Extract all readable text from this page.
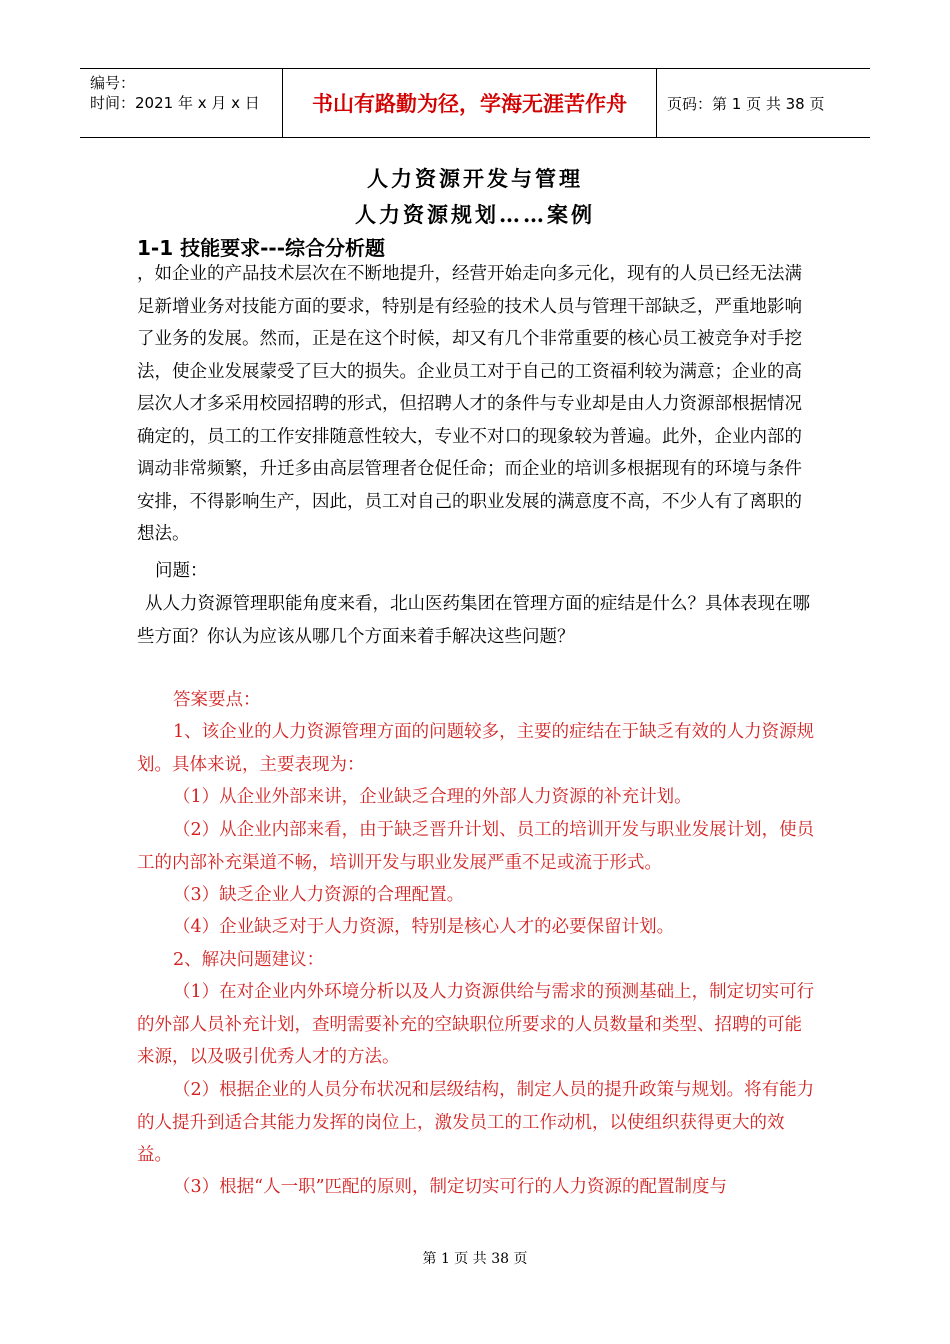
编号：
时间：2021 年 x 月 x 日	书山有路勤为径，学海无涯苦作舟	页码：第 1 页 共 38 页
人力资源开发与管理
人力资源规划……案例
1-1 技能要求---综合分析题
，如企业的产品技术层次在不断地提升，经营开始走向多元化，现有的人员已经无法满足新增业务对技能方面的要求，特别是有经验的技术人员与管理干部缺乏，严重地影响了业务的发展。然而，正是在这个时候，却又有几个非常重要的核心员工被竞争对手挖法，使企业发展蒙受了巨大的损失。企业员工对于自己的工资福利较为满意；企业的高层次人才多采用校园招聘的形式，但招聘人才的条件与专业却是由人力资源部根据情况确定的，员工的工作安排随意性较大，专业不对口的现象较为普遍。此外，企业内部的调动非常频繁，升迁多由高层管理者仓促任命；而企业的培训多根据现有的环境与条件安排，不得影响生产，因此，员工对自己的职业发展的满意度不高，不少人有了离职的想法。
问题：
从人力资源管理职能角度来看，北山医药集团在管理方面的症结是什么？具体表现在哪些方面？你认为应该从哪几个方面来着手解决这些问题？
答案要点：
1、该企业的人力资源管理方面的问题较多，主要的症结在于缺乏有效的人力资源规划。具体来说，主要表现为：
（1）从企业外部来讲，企业缺乏合理的外部人力资源的补充计划。
（2）从企业内部来看，由于缺乏晋升计划、员工的培训开发与职业发展计划，使员工的内部补充渠道不畅，培训开发与职业发展严重不足或流于形式。
（3）缺乏企业人力资源的合理配置。
（4）企业缺乏对于人力资源，特别是核心人才的必要保留计划。
2、解决问题建议：
（1）在对企业内外环境分析以及人力资源供给与需求的预测基础上，制定切实可行的外部人员补充计划，查明需要补充的空缺职位所要求的人员数量和类型、招聘的可能来源，以及吸引优秀人才的方法。
（2）根据企业的人员分布状况和层级结构，制定人员的提升政策与规划。将有能力的人提升到适合其能力发挥的岗位上，激发员工的工作动机，以使组织获得更大的效益。
（3）根据“人一职”匹配的原则，制定切实可行的人力资源的配置制度与
第 1 页 共 38 页
